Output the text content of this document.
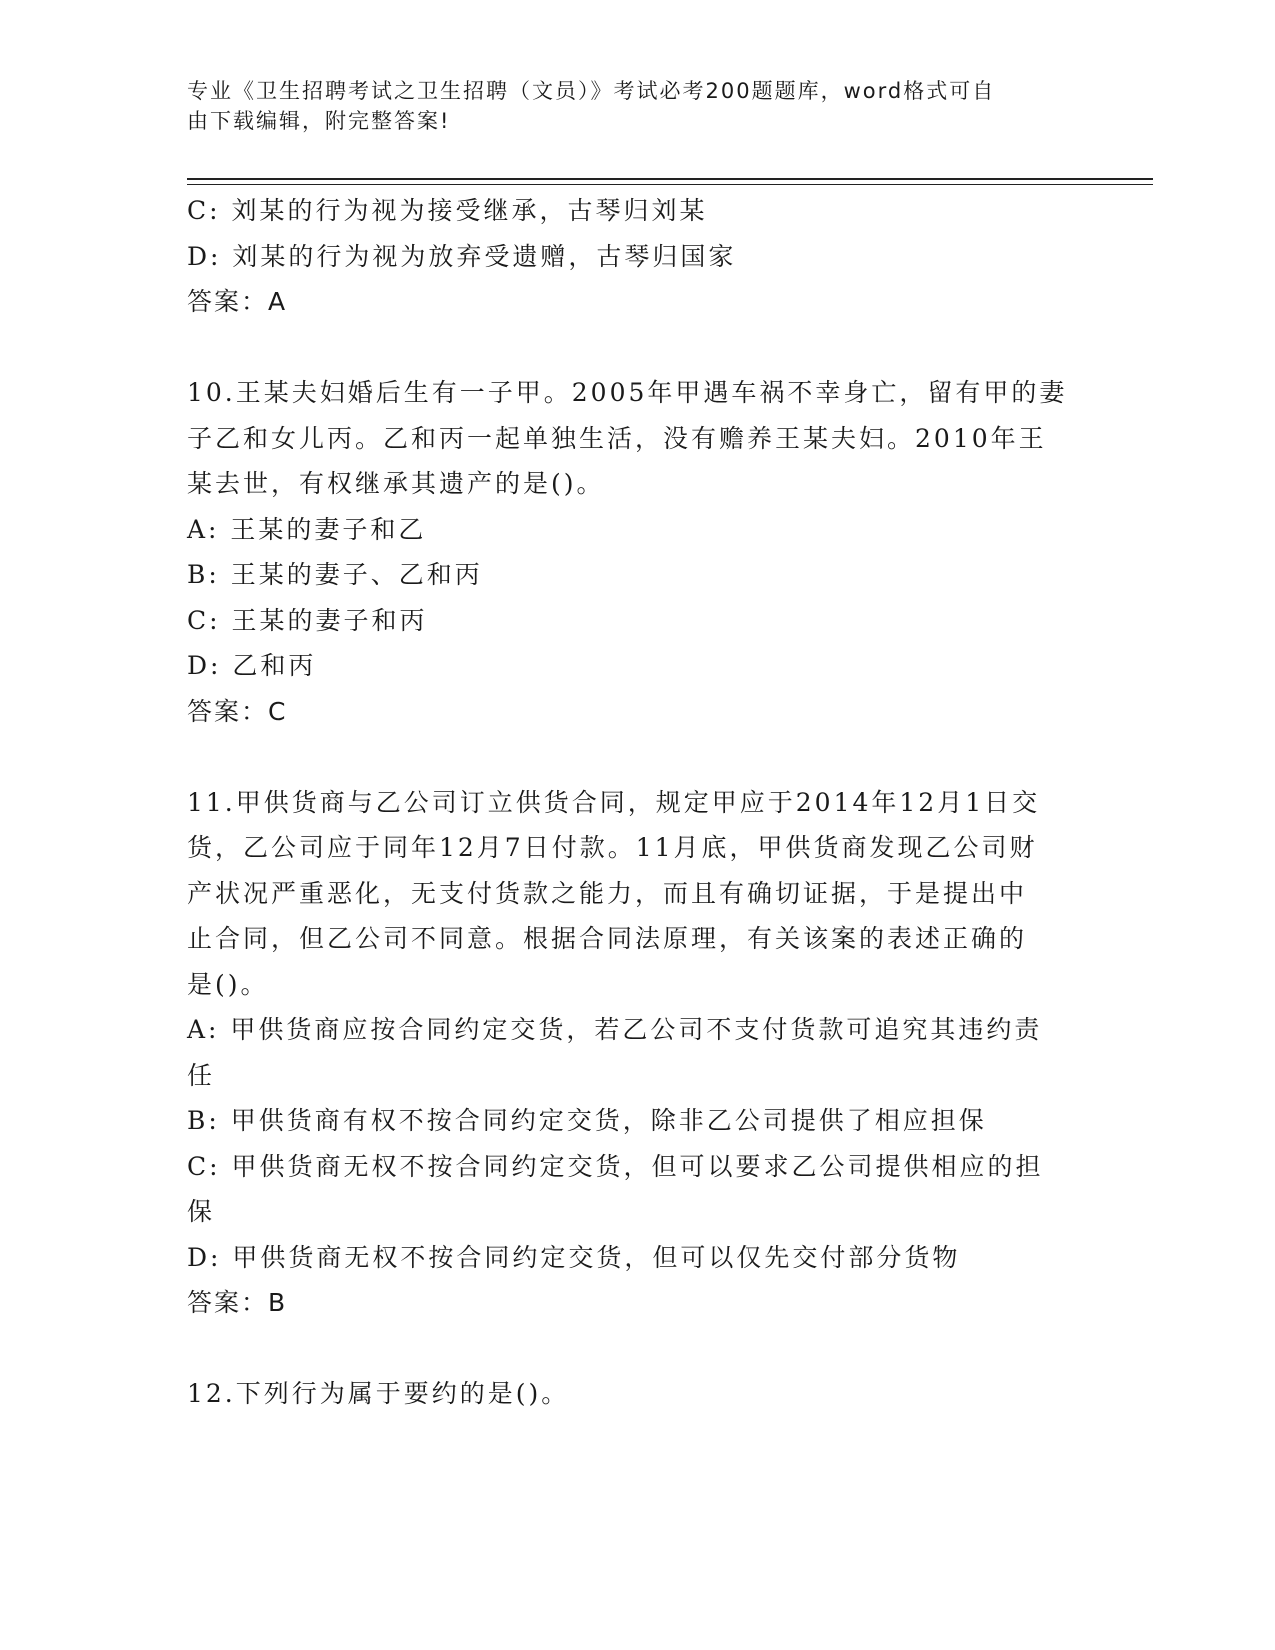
专业《卫生招聘考试之卫生招聘（文员）》考试必考200题题库，word格式可自
由下载编辑，附完整答案!
C: 刘某的行为视为接受继承，古琴归刘某
D: 刘某的行为视为放弃受遗赠，古琴归国家
答案：A
10.王某夫妇婚后生有一子甲。2005年甲遇车祸不幸身亡，留有甲的妻
子乙和女儿丙。乙和丙一起单独生活，没有赡养王某夫妇。2010年王
某去世，有权继承其遗产的是()。
A: 王某的妻子和乙
B: 王某的妻子、乙和丙
C: 王某的妻子和丙
D: 乙和丙
答案：C
11.甲供货商与乙公司订立供货合同，规定甲应于2014年12月1日交
货，乙公司应于同年12月7日付款。11月底，甲供货商发现乙公司财
产状况严重恶化，无支付货款之能力，而且有确切证据，于是提出中
止合同，但乙公司不同意。根据合同法原理，有关该案的表述正确的
是()。
A: 甲供货商应按合同约定交货，若乙公司不支付货款可追究其违约责
任
B: 甲供货商有权不按合同约定交货，除非乙公司提供了相应担保
C: 甲供货商无权不按合同约定交货，但可以要求乙公司提供相应的担
保
D: 甲供货商无权不按合同约定交货，但可以仅先交付部分货物
答案：B
12.下列行为属于要约的是()。
